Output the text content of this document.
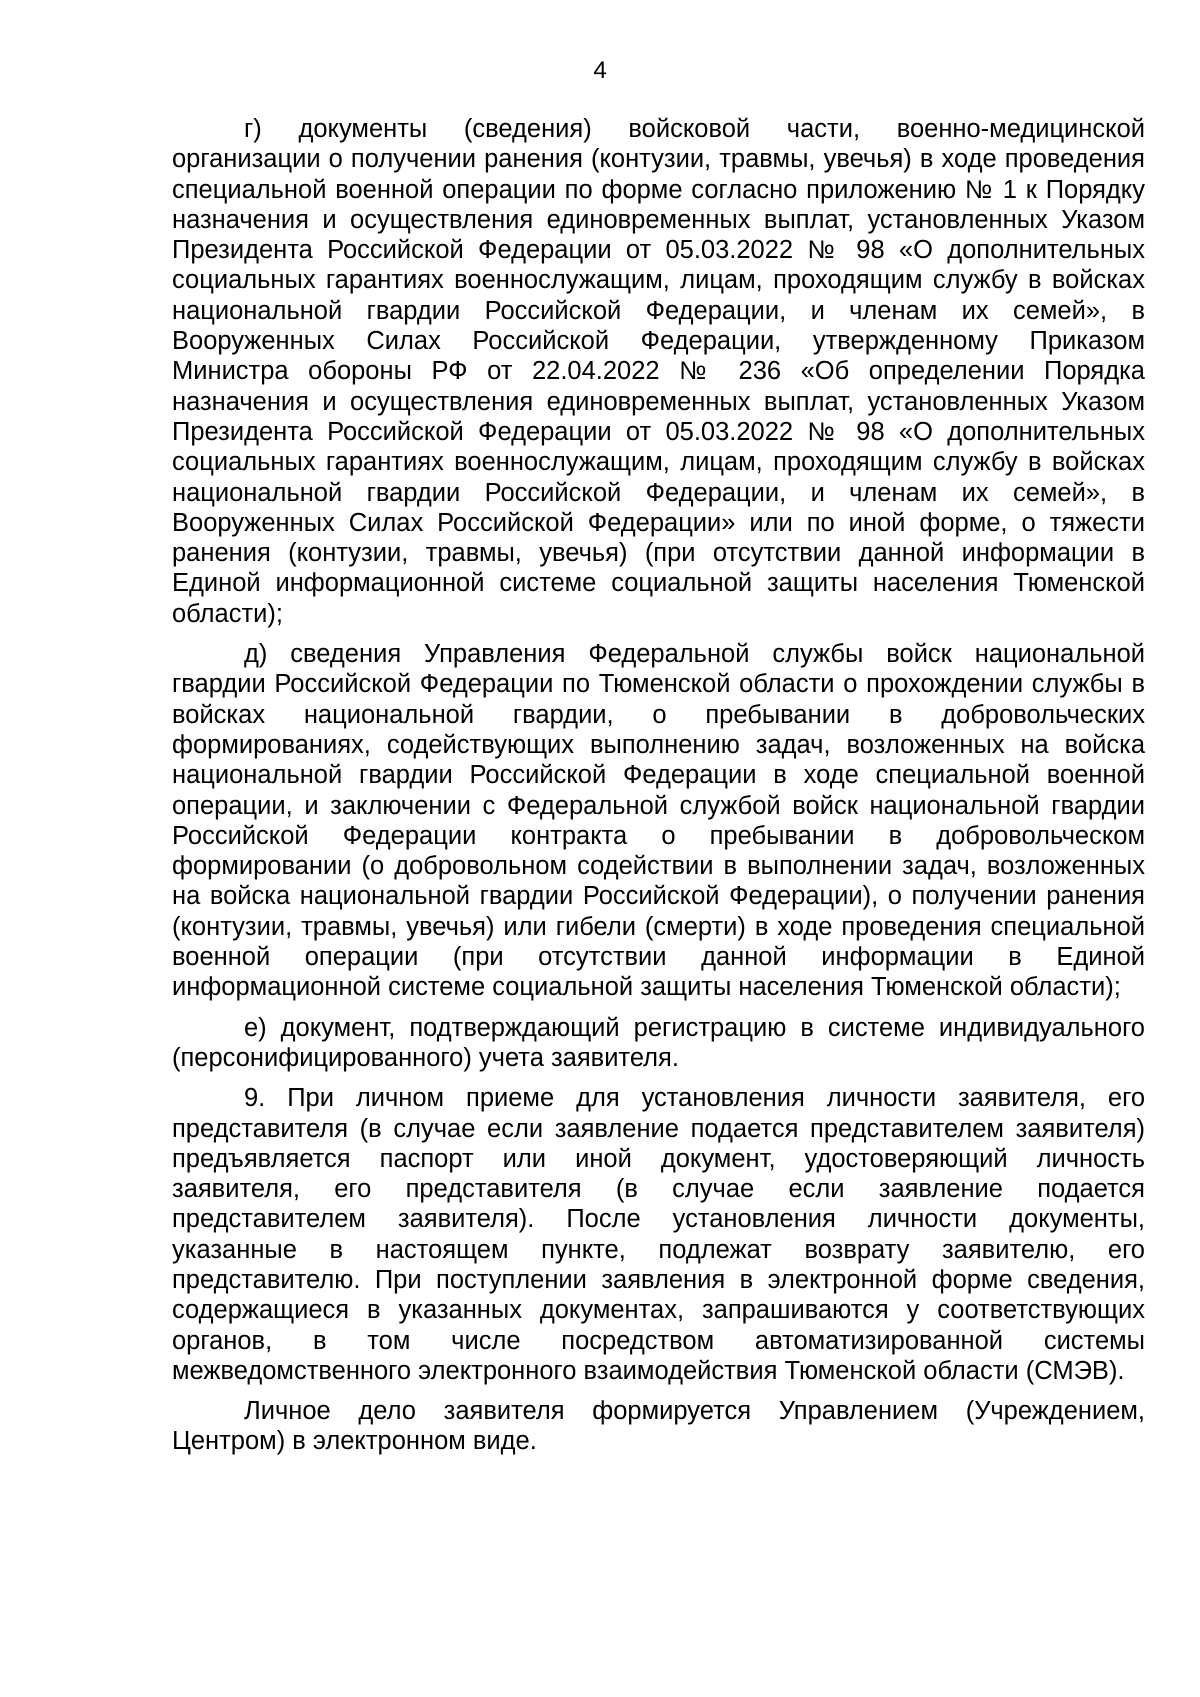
4

г) документы (сведения) войсковой части, военно-медицинской организации о получении ранения (контузии, травмы, увечья) в ходе проведения специальной военной операции по форме согласно приложению № 1 к Порядку назначения и осуществления единовременных выплат, установленных Указом Президента Российской Федерации от 05.03.2022 № 98 «О дополнительных социальных гарантиях военнослужащим, лицам, проходящим службу в войсках национальной гвардии Российской Федерации, и членам их семей», в Вооруженных Силах Российской Федерации, утвержденному Приказом Министра обороны РФ от 22.04.2022 № 236 «Об определении Порядка назначения и осуществления единовременных выплат, установленных Указом Президента Российской Федерации от 05.03.2022 № 98 «О дополнительных социальных гарантиях военнослужащим, лицам, проходящим службу в войсках национальной гвардии Российской Федерации, и членам их семей», в Вооруженных Силах Российской Федерации» или по иной форме, о тяжести ранения (контузии, травмы, увечья) (при отсутствии данной информации в Единой информационной системе социальной защиты населения Тюменской области);

д) сведения Управления Федеральной службы войск национальной гвардии Российской Федерации по Тюменской области о прохождении службы в войсках национальной гвардии, о пребывании в добровольческих формированиях, содействующих выполнению задач, возложенных на войска национальной гвардии Российской Федерации в ходе специальной военной операции, и заключении с Федеральной службой войск национальной гвардии Российской Федерации контракта о пребывании в добровольческом формировании (о добровольном содействии в выполнении задач, возложенных на войска национальной гвардии Российской Федерации), о получении ранения (контузии, травмы, увечья) или гибели (смерти) в ходе проведения специальной военной операции (при отсутствии данной информации в Единой информационной системе социальной защиты населения Тюменской области);

е) документ, подтверждающий регистрацию в системе индивидуального (персонифицированного) учета заявителя.

9. При личном приеме для установления личности заявителя, его представителя (в случае если заявление подается представителем заявителя) предъявляется паспорт или иной документ, удостоверяющий личность заявителя, его представителя (в случае если заявление подается представителем заявителя). После установления личности документы, указанные в настоящем пункте, подлежат возврату заявителю, его представителю. При поступлении заявления в электронной форме сведения, содержащиеся в указанных документах, запрашиваются у соответствующих органов, в том числе посредством автоматизированной системы межведомственного электронного взаимодействия Тюменской области (СМЭВ).

Личное дело заявителя формируется Управлением (Учреждением, Центром) в электронном виде.
